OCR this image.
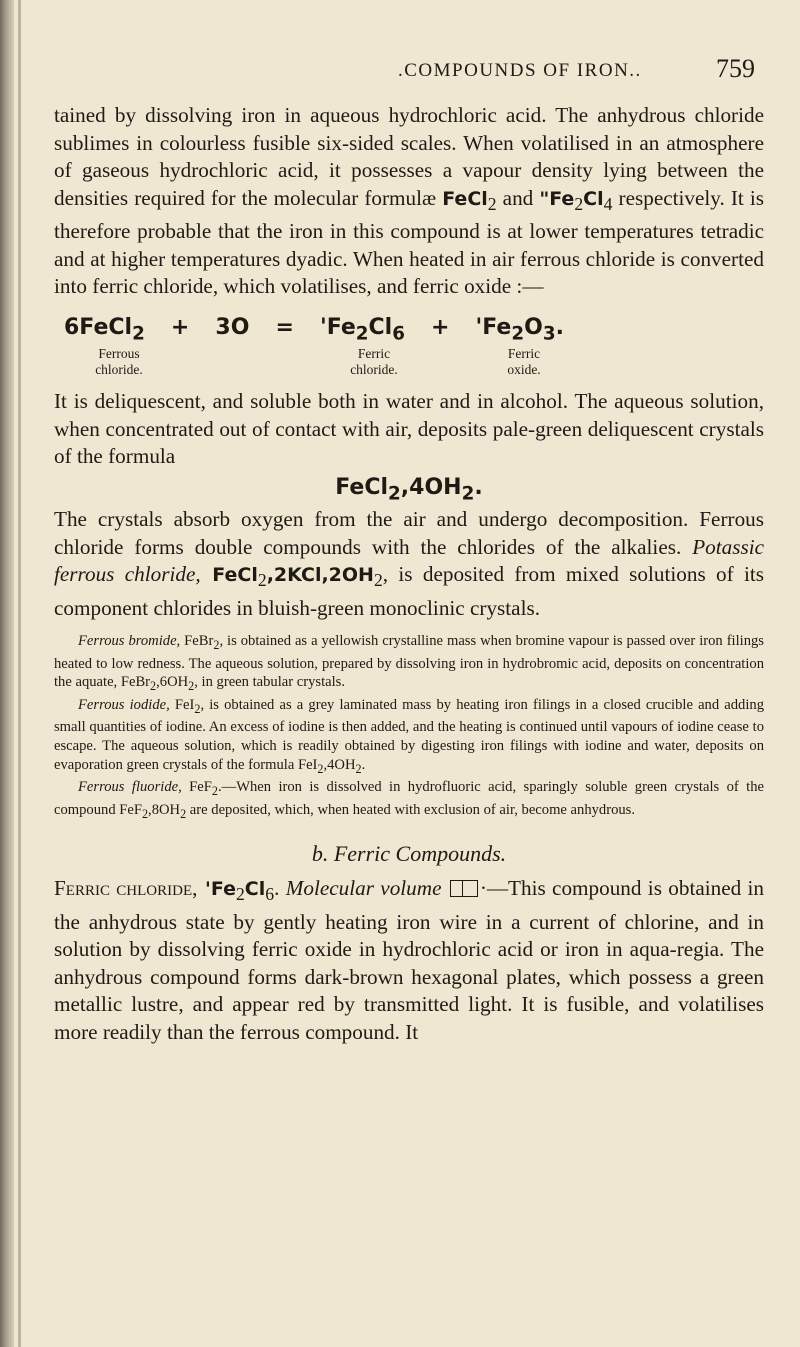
.COMPOUNDS OF IRON..	759

tained by dissolving iron in aqueous hydrochloric acid. The anhydrous chloride sublimes in colourless fusible six-sided scales. When volatilised in an atmosphere of gaseous hydrochloric acid, it possesses a vapour density lying between the densities required for the molecular formulæ FeCl$_2$ and "$Fe_2Cl_4$ respectively. It is therefore probable that the iron in this compound is at lower temperatures tetradic and at higher temperatures dyadic. When heated in air ferrous chloride is converted into ferric chloride, which volatilises, and ferric oxide :—

6FeCl$_2$ + $3O = 'Fe_2Cl_6$ + '$Fe_2O_3$.
Ferrous
chloride.
Ferric
chloride.
Ferric
oxide.

It is deliquescent, and soluble both in water and in alcohol. The aqueous solution, when concentrated out of contact with air, deposits pale-green deliquescent crystals of the formula

$FeCl_2,4OH_2$.

The crystals absorb oxygen from the air and undergo decomposition. Ferrous chloride forms double compounds with the chlorides of the alkalies. Potassic ferrous chloride, $FeCl_2,2KCl,2OH_2$, is deposited from mixed solutions of its component chlorides in bluish-green monoclinic crystals.

Ferrous bromide, FeBr$_2$, is obtained as a yellowish crystalline mass when bromine vapour is passed over iron filings heated to low redness. The aqueous solution, prepared by dissolving iron in hydrobromic acid, deposits on concentration the aquate, $FeBr_2,6OH_2$, in green tabular crystals.

Ferrous iodide, FeI$_2$, is obtained as a grey laminated mass by heating iron filings in a closed crucible and adding small quantities of iodine. An excess of iodine is then added, and the heating is continued until vapours of iodine cease to escape. The aqueous solution, which is readily obtained by digesting iron filings with iodine and water, deposits on evaporation green crystals of the formula $FeI_2,4OH_2$.

Ferrous fluoride, FeF$_2$.—When iron is dissolved in hydrofluoric acid, sparingly soluble green crystals of the compound $FeF_2,8OH_2$ are deposited, which, when heated with exclusion of air, become anhydrous.

b. Ferric Compounds.

Ferric chloride, '$Fe_2Cl_6$. Molecular volume ·—This compound is obtained in the anhydrous state by gently heating iron wire in a current of chlorine, and in solution by dissolving ferric oxide in hydrochloric acid or iron in aqua-regia. The anhydrous compound forms dark-brown hexagonal plates, which possess a green metallic lustre, and appear red by transmitted light. It is fusible, and volatilises more readily than the ferrous compound. It
